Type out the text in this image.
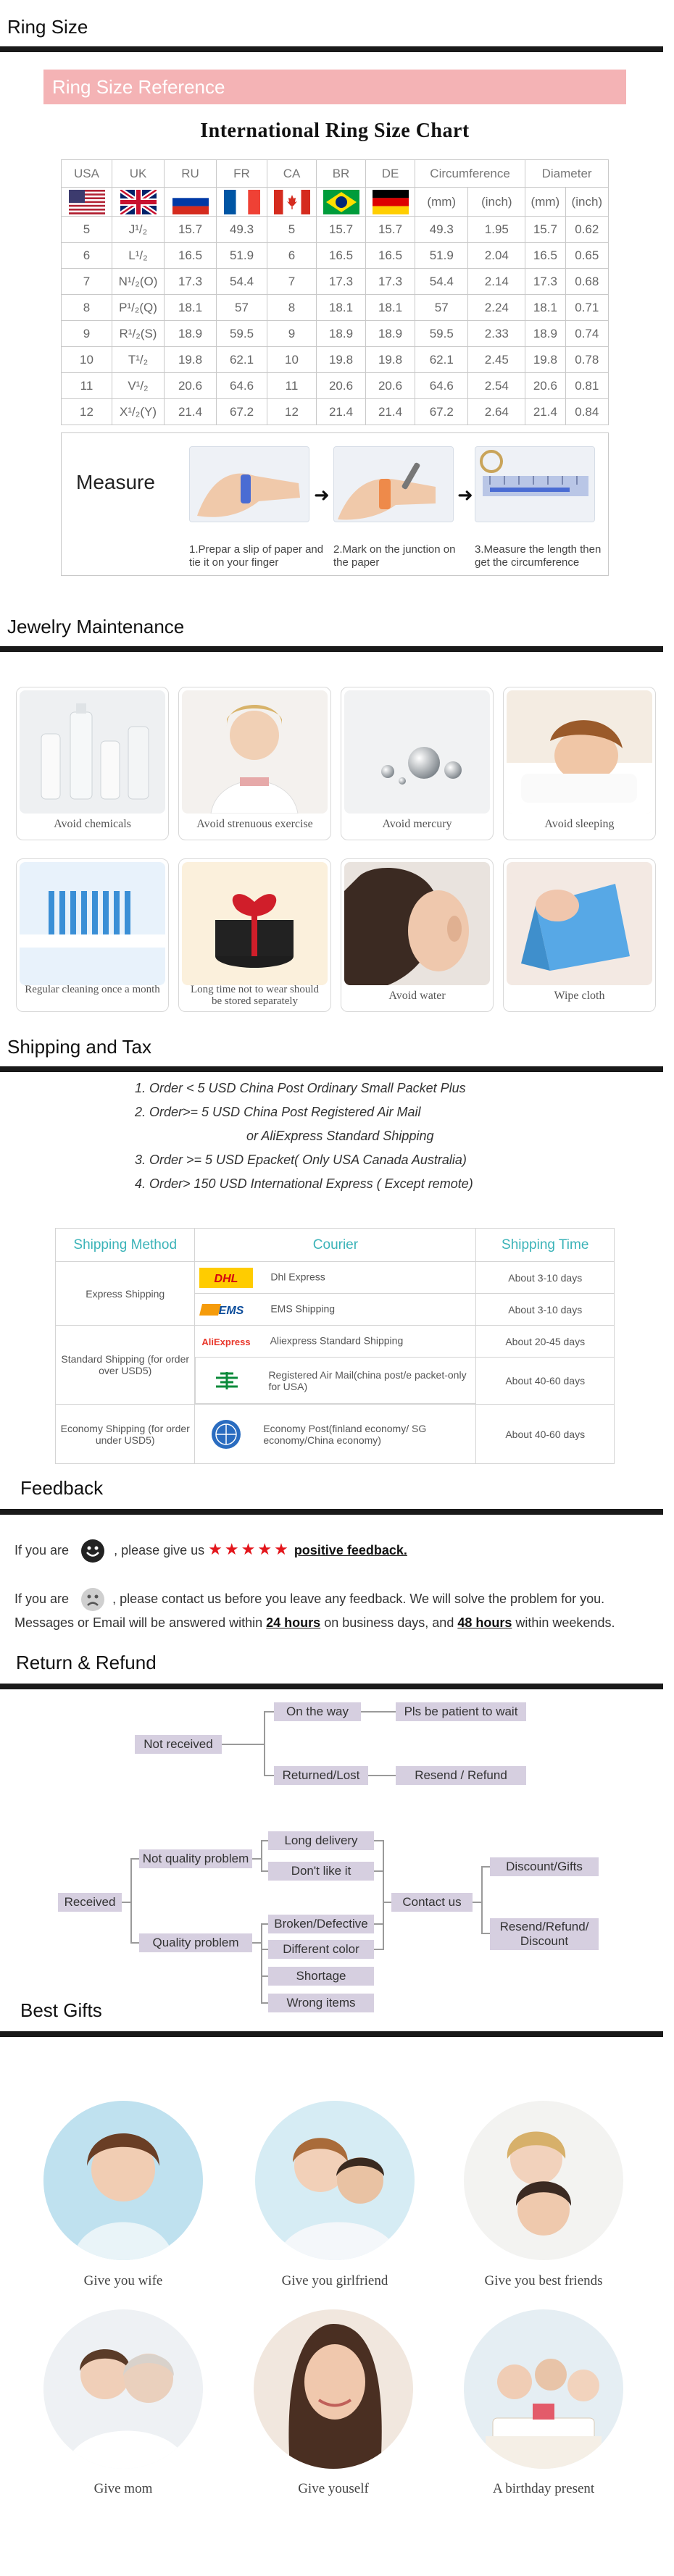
Ring Size
Ring Size Reference
International Ring Size Chart
USA	UK	RU	FR	CA	BR	DE	Circumference		Diameter	
							(mm)	(inch)	(mm)	(inch)
5	J¹/₂	15.7	49.3	5	15.7	15.7	49.3	1.95	15.7	0.62
6	L¹/₂	16.5	51.9	6	16.5	16.5	51.9	2.04	16.5	0.65
7	N¹/₂(O)	17.3	54.4	7	17.3	17.3	54.4	2.14	17.3	0.68
8	P¹/₂(Q)	18.1	57	8	18.1	18.1	57	2.24	18.1	0.71
9	R¹/₂(S)	18.9	59.5	9	18.9	18.9	59.5	2.33	18.9	0.74
10	T¹/₂	19.8	62.1	10	19.8	19.8	62.1	2.45	19.8	0.78
11	V¹/₂	20.6	64.6	11	20.6	20.6	64.6	2.54	20.6	0.81
12	X¹/₂(Y)	21.4	67.2	12	21.4	21.4	67.2	2.64	21.4	0.84
Measure
➜	➜
1.Prepar a slip of paper and tie it on your finger
2.Mark on the junction on the paper
3.Measure the length then get the circumference
Jewelry Maintenance
Avoid chemicals	Avoid strenuous exercise	Avoid mercury	Avoid sleeping
Regular cleaning once a month	Long time not to wear should be stored separately	Avoid water	Wipe cloth
Shipping and Tax
1. Order < 5 USD China Post Ordinary Small Packet Plus
2. Order>= 5 USD China Post Registered Air Mail
or AliExpress Standard Shipping
3. Order >= 5 USD Epacket( Only USA Canada Australia)
4. Order> 150 USD International Express ( Except remote)
Shipping Method	Courier	Shipping Time
Express Shipping	DHL Dhl Express	About 3-10 days

EMS EMS Shipping	About 3-10 days
Standard Shipping (for order over USD5)	AliExpress Aliexpress Standard Shipping	About 20-45 days

Registered Air Mail(china post/e packet-only for USA)	About 40-60 days
Economy Shipping (for order under USD5)	Economy Post(finland economy/ SG economy/China economy)	About 40-60 days
Feedback
If you are	, please give us ★★★★★ positive feedback.
If you are	, please contact us before you leave any feedback. We will solve the problem for you.
Messages or Email will be answered within 24 hours on business days, and 48 hours within weekends.
Return & Refund
Not received
On the way	Pls be patient to wait
Returned/Lost	Resend / Refund
Received
Not quality problem
Quality problem
Long delivery
Don't like it
Broken/Defective
Different color
Shortage
Wrong items
Contact us
Discount/Gifts
Resend/Refund/ Discount
Best Gifts
Give you wife	Give you girlfriend	Give you best friends
Give mom	Give youself	A birthday present
